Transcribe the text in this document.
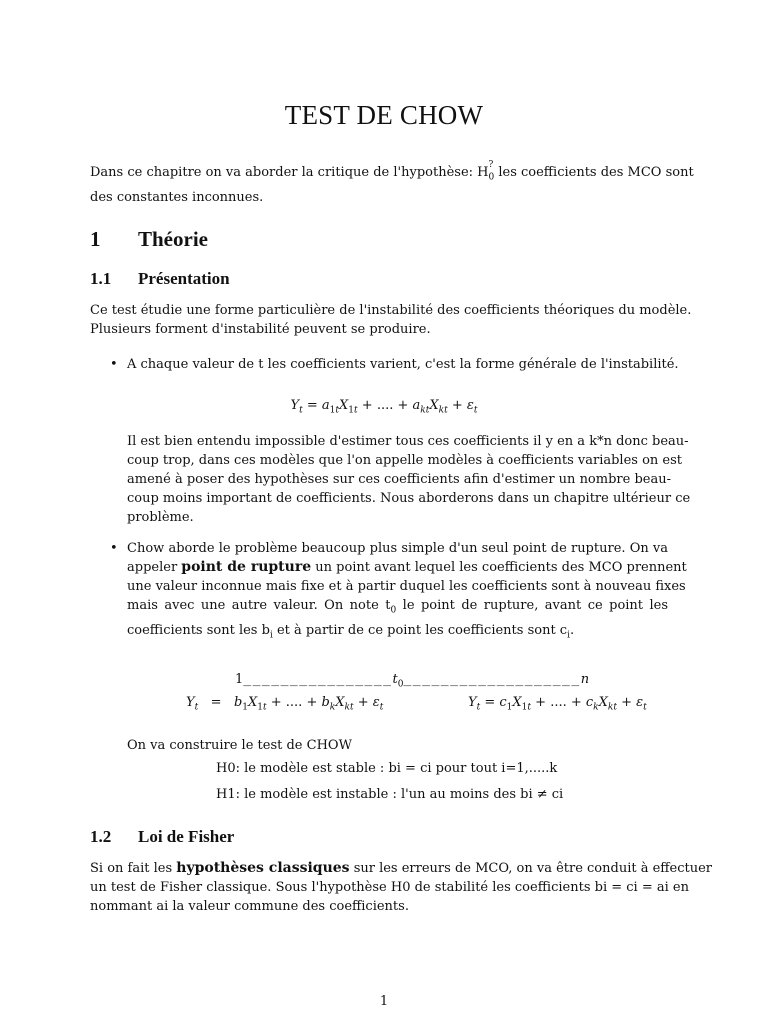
TEST DE CHOW
Dans ce chapitre on va aborder la critique de l'hypothèse: H ?
$_0$ les coefficients des MCO sont
des constantes inconnues.
1 Théorie
1.1 Présentation
Ce test étudie une forme particulière de l'instabilité des coefficients théoriques du modèle.
Plusieurs forment d'instabilité peuvent se produire.
• A chaque valeur de t les coefficients varient, c'est la forme générale de l'instabilité.
$Y_t = a_{1t}X_{1t}$ + .... + $a_{kt}X_{kt} + \varepsilon_t$
Il est bien entendu impossible d'estimer tous ces coefficients il y en a k*n donc beau-
coup trop, dans ces modèles que l'on appelle modèles à coefficients variables on est
amené à poser des hypothèses sur ces coefficients afin d'estimer un nombre beau-
coup moins important de coefficients. Nous aborderons dans un chapitre ultérieur ce
problème.
• Chow aborde le problème beaucoup plus simple d'un seul point de rupture. On va
appeler point de rupture un point avant lequel les coefficients des MCO prennent
une valeur inconnue mais fixe et à partir duquel les coefficients sont à nouveau fixes
mais avec une autre valeur. On note $t_0$ le point de rupture, avant ce point les
coefficients sont les $b_i$ et à partir de ce point les coefficients sont $c_i$.
$1\_\_\_\_\_\_\_\_\_\_\_\_\_\_\_\_t_0\_\_\_\_\_\_\_\_\_\_\_\_\_\_\_\_\_\_\_n$
$Y_t = b_1X_{1t}$ + .... + $b_kX_{kt} + \varepsilon_t$	$Y_t = c_1X_{1t}$ + .... + $c_kX_{kt} + \varepsilon_t$
On va construire le test de CHOW
H0: le modèle est stable : bi = ci pour tout i=1,.....k
H1: le modèle est instable : l'un au moins des bi ≠ ci
1.2 Loi de Fisher
Si on fait les hypothèses classiques sur les erreurs de MCO, on va être conduit à effectuer
un test de Fisher classique. Sous l'hypothèse H0 de stabilité les coefficients bi = ci = ai en
nommant ai la valeur commune des coefficients.
1
